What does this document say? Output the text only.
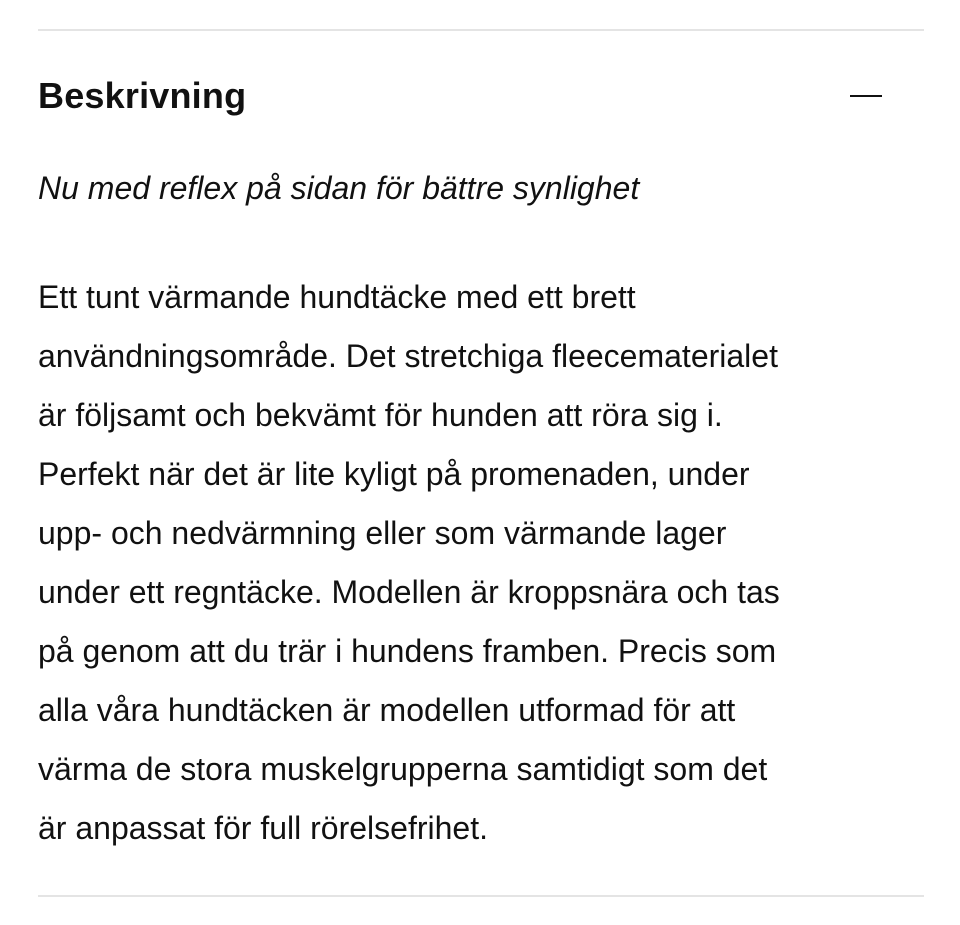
Beskrivning
Nu med reflex på sidan för bättre synlighet

Ett tunt värmande hundtäcke med ett brett
användningsområde. Det stretchiga fleecematerialet
är följsamt och bekvämt för hunden att röra sig i.
Perfekt när det är lite kyligt på promenaden, under
upp- och nedvärmning eller som värmande lager
under ett regntäcke. Modellen är kroppsnära och tas
på genom att du trär i hundens framben. Precis som
alla våra hundtäcken är modellen utformad för att
värma de stora muskelgrupperna samtidigt som det
är anpassat för full rörelsefrihet.
